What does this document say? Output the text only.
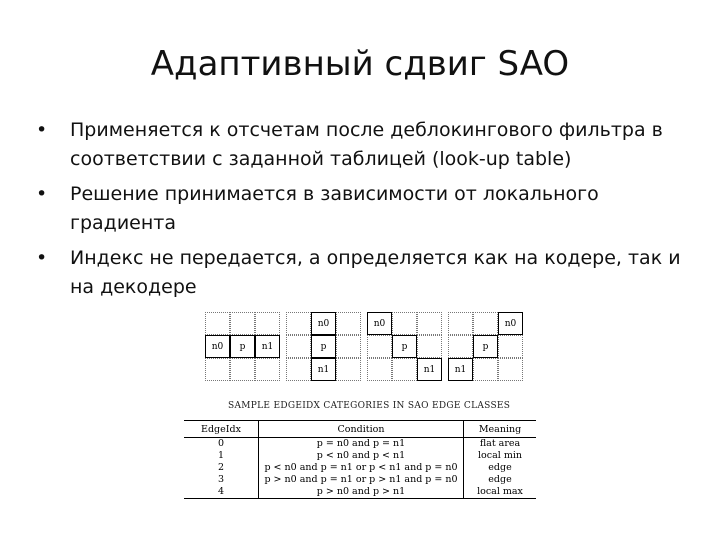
Адаптивный сдвиг SAO
• Применяется к отсчетам после деблокингового фильтра в соответствии с заданной таблицей (look-up table)
• Решение принимается в зависимости от локального градиента
• Индекс не передается, а определяется как на кодере, так и на декодере
n0	p	n1
n0
p
n1
n0
p
n1
n0
p
n1
SAMPLE EDGEIDX CATEGORIES IN SAO EDGE CLASSES
EdgeIdx	Condition	Meaning
0	p = n0 and p = n1	flat area
1	p < n0 and p < n1	local min
2	p < n0 and p = n1 or p < n1 and p = n0	edge
3	p > n0 and p = n1 or p > n1 and p = n0	edge
4	p > n0 and p > n1	local max
